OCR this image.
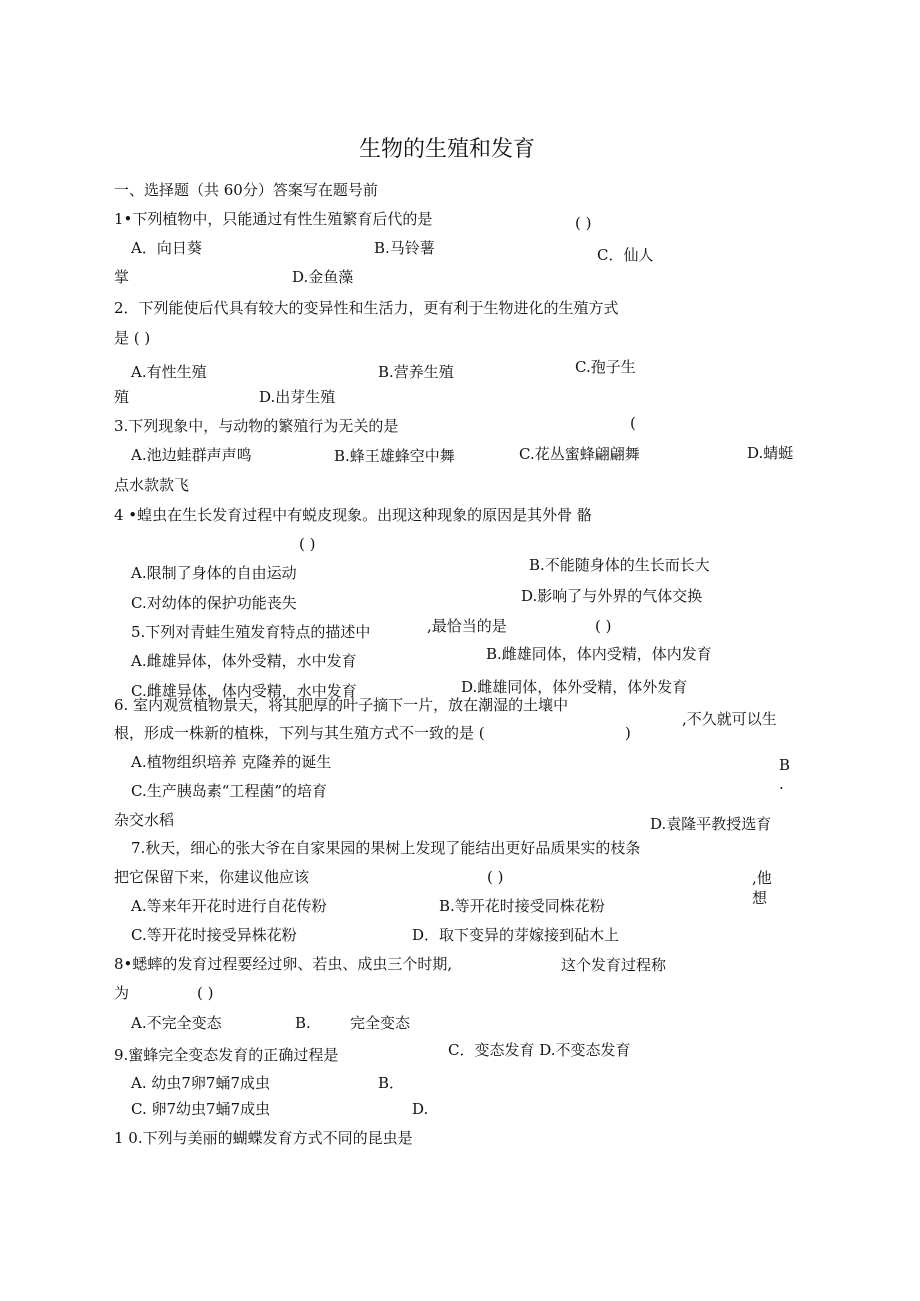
生物的生殖和发育
一、选择题（共 60分）答案写在题号前
1•下列植物中，只能通过有性生殖繁育后代的是	( )
A．向日葵	B.马铃薯	C．仙人
掌	D.金鱼藻
2．下列能使后代具有较大的变异性和生活力，更有利于生物进化的生殖方式
是 ( )
A.有性生殖	B.营养生殖	C.孢子生
殖	D.出芽生殖
3.下列现象中，与动物的繁殖行为无关的是	(
A.池边蛙群声声鸣	B.蜂王雄蜂空中舞	C.花丛蜜蜂翩翩舞	D.蜻蜓
点水款款飞
4 •蝗虫在生长发育过程中有蜕皮现象。出现这种现象的原因是其外骨 骼
( )
A.限制了身体的自由运动	B.不能随身体的生长而长大
C.对幼体的保护功能丧失	D.影响了与外界的气体交换
5.下列对青蛙生殖发育特点的描述中	,最恰当的是	( )
A.雌雄异体，体外受精，水中发育	B.雌雄同体，体内受精，体内发育
C.雌雄异体，体内受精，水中发育	D.雌雄同体，体外受精，体外发育
6. 室内观赏植物景天，将其肥厚的叶子摘下一片，放在潮湿的土壤中
,不久就可以生
根，形成一株新的植株，下列与其生殖方式不一致的是 (	)
A.植物组织培养 克隆养的诞生	B
·
C.生产胰岛素“工程菌”的培育
杂交水稻	D.袁隆平教授选育
7.秋天，细心的张大爷在自家果园的果树上发现了能结出更好品质果实的枝条
把它保留下来，你建议他应该	( )	,他
想
A.等来年开花时进行自花传粉	B.等开花时接受同株花粉
C.等开花时接受异株花粉	D．取下变异的芽嫁接到砧木上
8•蟋蟀的发育过程要经过卵、若虫、成虫三个时期,	这个发育过程称
为	( )
A.不完全变态	B.	完全变态
C．变态发育 D.不变态发育
9.蜜蜂完全变态发育的正确过程是
A. 幼虫7卵7蛹7成虫	B．
C. 卵7幼虫7蛹7成虫	D.
1 0.下列与美丽的蝴蝶发育方式不同的昆虫是
